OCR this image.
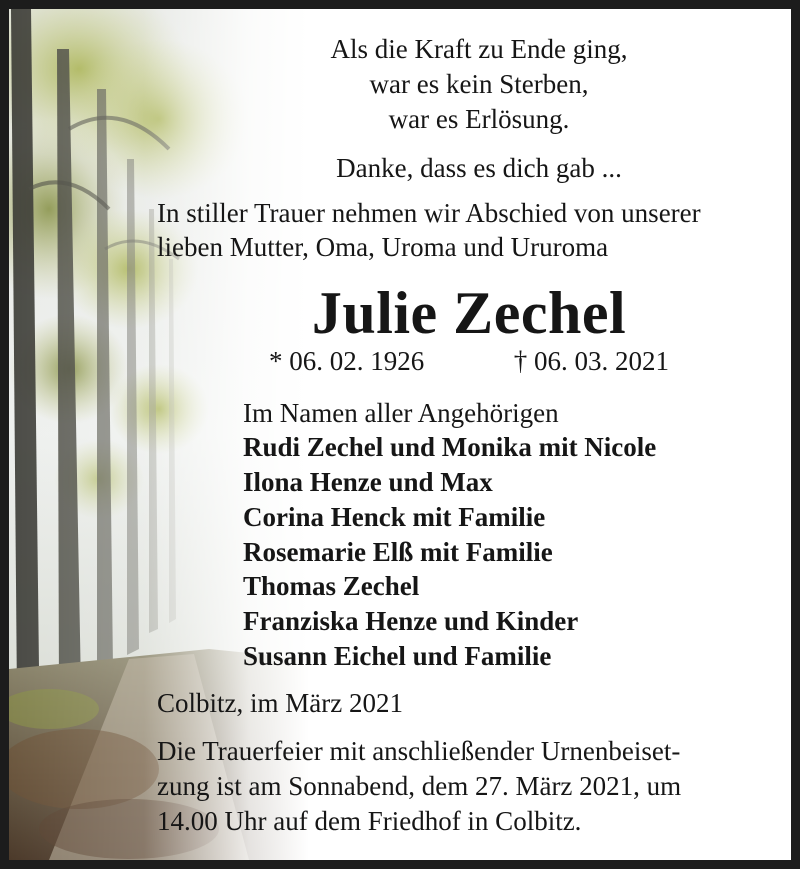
Als die Kraft zu Ende ging,

war es kein Sterben,

war es Erlösung.

Danke, dass es dich gab ...

In stiller Trauer nehmen wir Abschied von unserer

lieben Mutter, Oma, Uroma und Ururoma

Julie Zechel
* 06. 02. 1926	† 06. 03. 2021

Im Namen aller Angehörigen

Rudi Zechel und Monika mit Nicole

Ilona Henze und Max

Corina Henck mit Familie

Rosemarie Elß mit Familie

Thomas Zechel

Franziska Henze und Kinder

Susann Eichel und Familie

Colbitz, im März 2021

Die Trauerfeier mit anschließender Urnenbeiset-

zung ist am Sonnabend, dem 27. März 2021, um

14.00 Uhr auf dem Friedhof in Colbitz.
